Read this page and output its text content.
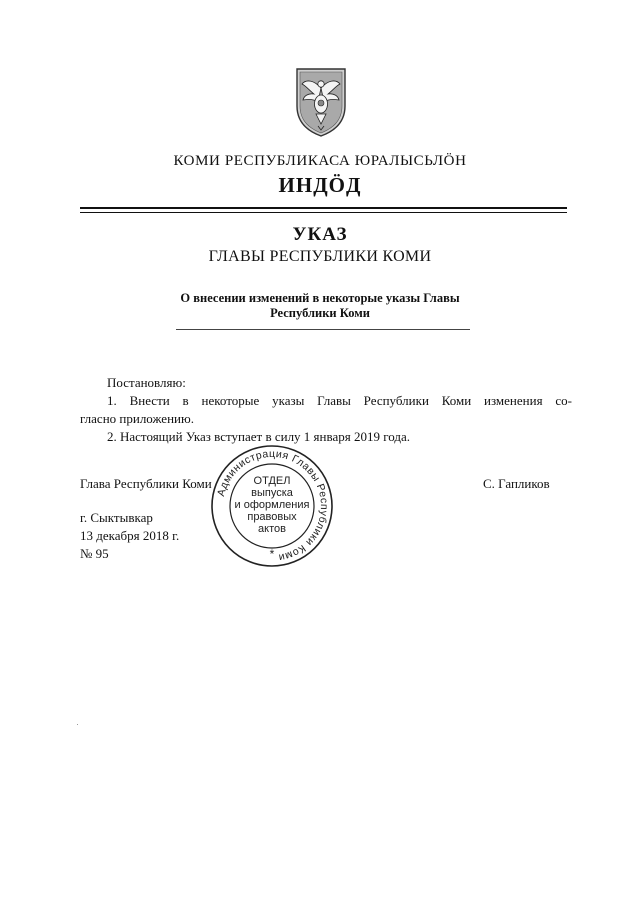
КОМИ РЕСПУБЛИКАСА ЮРАЛЫСЬЛÖН
ИНДÖД
УКАЗ
ГЛАВЫ РЕСПУБЛИКИ КОМИ
О внесении изменений в некоторые указы Главы
Республики Коми
Постановляю:
1. Внести в некоторые указы Главы Республики Коми изменения со-
гласно приложению.
2. Настоящий Указ вступает в силу 1 января 2019 года.
Глава Республики Коми	С. Гапликов
г. Сыктывкар
13 декабря 2018 г.
№ 95
Администрация Главы Республики Коми
ОТДЕЛ
выпуска
и оформления
правовых
актов
*
